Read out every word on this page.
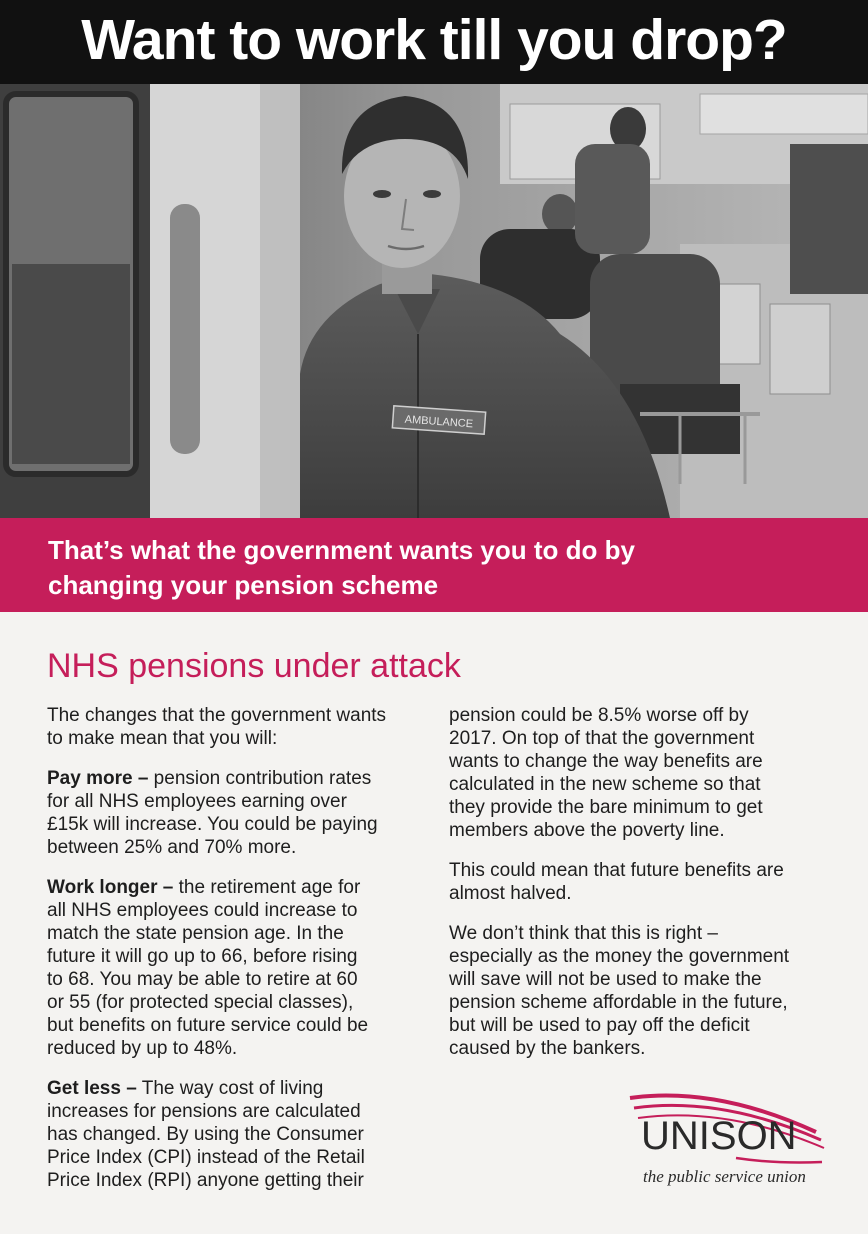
Want to work till you drop?
AMBULANCE
That’s what the government wants you to do by
changing your pension scheme
NHS pensions under attack

The changes that the government wants
to make mean that you will:

Pay more – pension contribution rates
for all NHS employees earning over
£15k will increase. You could be paying
between 25% and 70% more.

Work longer – the retirement age for
all NHS employees could increase to
match the state pension age. In the
future it will go up to 66, before rising
to 68. You may be able to retire at 60
or 55 (for protected special classes),
but benefits on future service could be
reduced by up to 48%.

Get less – The way cost of living
increases for pensions are calculated
has changed. By using the Consumer
Price Index (CPI) instead of the Retail
Price Index (RPI) anyone getting their

pension could be 8.5% worse off by
2017. On top of that the government
wants to change the way benefits are
calculated in the new scheme so that
they provide the bare minimum to get
members above the poverty line.

This could mean that future benefits are
almost halved.

We don’t think that this is right –
especially as the money the government
will save will not be used to make the
pension scheme affordable in the future,
but will be used to pay off the deficit
caused by the bankers.

UNISON
the public service union
